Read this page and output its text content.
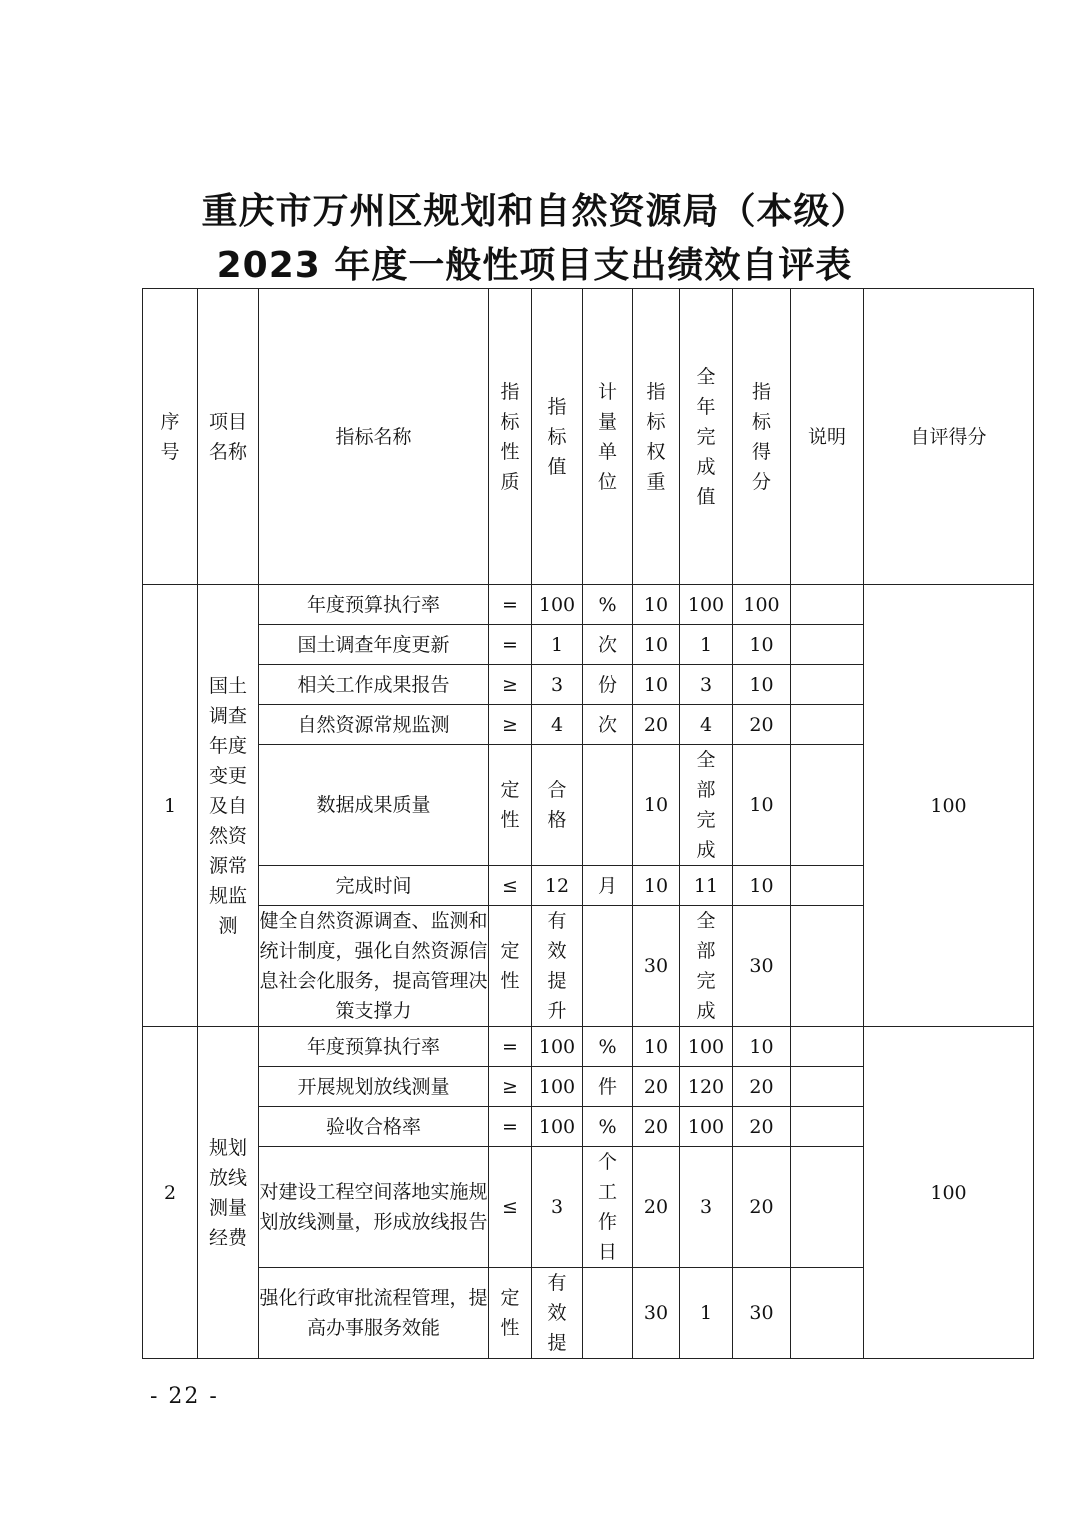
重庆市万州区规划和自然资源局（本级）
2023 年度一般性项目支出绩效自评表
序号	项目名称	指标名称	指标性质	指标值	计量单位	指标权重	全年完成值	指标得分	说明	自评得分
1	国土调查年度变更及自然资源常规监测	年度预算执行率	=	100	%	10	100	100		100
		国土调查年度更新	=	1	次	10	1	10		
		相关工作成果报告	≥	3	份	10	3	10		
		自然资源常规监测	≥	4	次	20	4	20		
		数据成果质量	定性	合格		10	全部完成	10		
		完成时间	≤	12	月	10	11	10		
		健全自然资源调查、监测和统计制度，强化自然资源信息社会化服务，提高管理决策支撑力	定性	有效提升		30	全部完成	30		
2	规划放线测量经费	年度预算执行率	=	100	%	10	100	10		100
		开展规划放线测量	≥	100	件	20	120	20		
		验收合格率	=	100	%	20	100	20		
		对建设工程空间落地实施规划放线测量，形成放线报告	≤	3	个工作日	20	3	20		
		强化行政审批流程管理，提高办事服务效能	定性	有效提		30	1	30		
- 22 -
